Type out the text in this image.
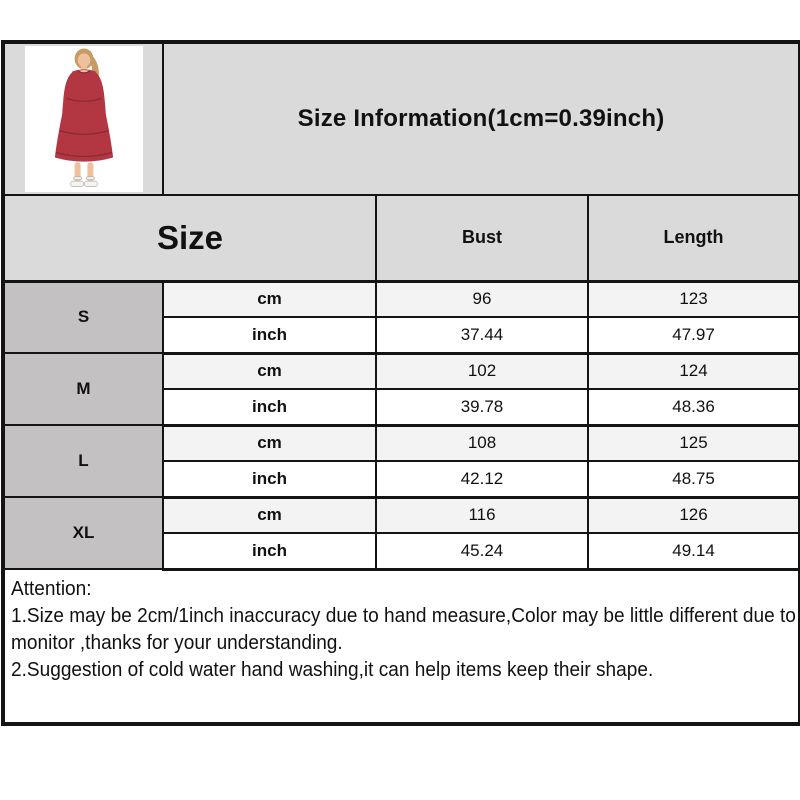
	Size Information(1cm=0.39inch)		
Size		Bust	Length
S	cm	96	123
	inch	37.44	47.97
M	cm	102	124
	inch	39.78	48.36
L	cm	108	125
	inch	42.12	48.75
XL	cm	116	126
	inch	45.24	49.14

Attention:
1.Size may be 2cm/1inch inaccuracy due to hand measure,Color may be little different due to
monitor ,thanks for your understanding.
2.Suggestion of cold water hand washing,it can help items keep their shape.			
